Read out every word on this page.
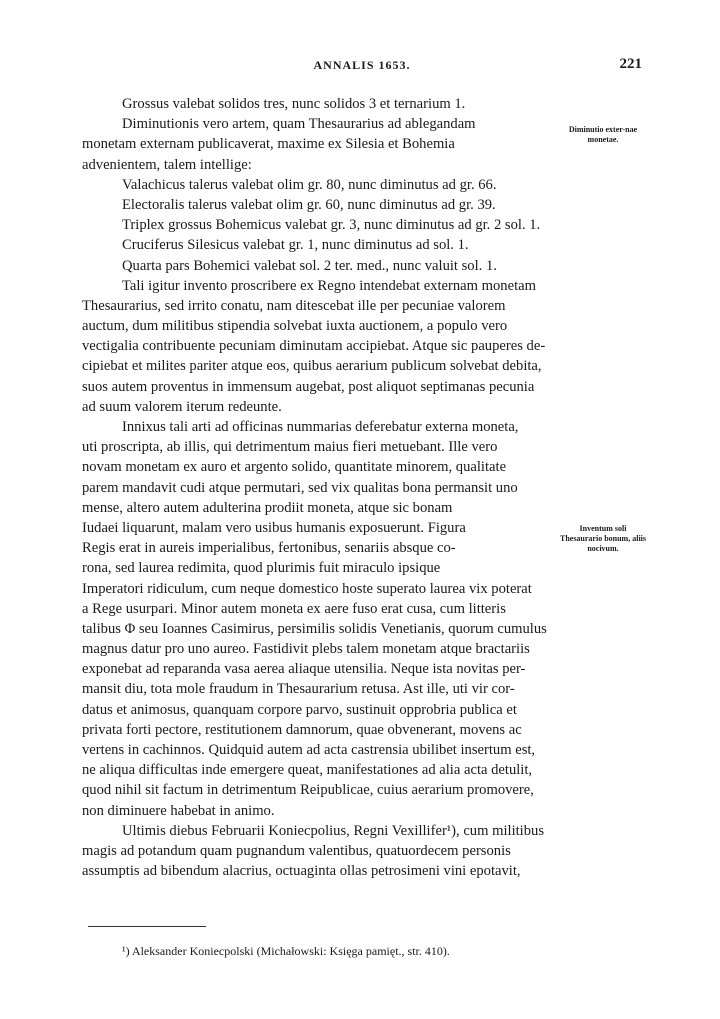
ANNALIS 1653.	221
Diminutio exter-nae monetae.
Inventum soli Thesaurario bonum, aliis nocivum.
Grossus valebat solidos tres, nunc solidos 3 et ternarium 1.
Diminutionis vero artem, quam Thesaurarius ad ablegandam
monetam externam publicaverat, maxime ex Silesia et Bohemia
advenientem, talem intellige:
Valachicus talerus valebat olim gr. 80, nunc diminutus ad gr. 66.
Electoralis talerus valebat olim gr. 60, nunc diminutus ad gr. 39.
Triplex grossus Bohemicus valebat gr. 3, nunc diminutus ad gr. 2 sol. 1.
Cruciferus Silesicus valebat gr. 1, nunc diminutus ad sol. 1.
Quarta pars Bohemici valebat sol. 2 ter. med., nunc valuit sol. 1.
Tali igitur invento proscribere ex Regno intendebat externam monetam
Thesaurarius, sed irrito conatu, nam ditescebat ille per pecuniae valorem
auctum, dum militibus stipendia solvebat iuxta auctionem, a populo vero
vectigalia contribuente pecuniam diminutam accipiebat. Atque sic pauperes de-
cipiebat et milites pariter atque eos, quibus aerarium publicum solvebat debita,
suos autem proventus in immensum augebat, post aliquot septimanas pecunia
ad suum valorem iterum redeunte.
Innixus tali arti ad officinas nummarias deferebatur externa moneta,
uti proscripta, ab illis, qui detrimentum maius fieri metuebant. Ille vero
novam monetam ex auro et argento solido, quantitate minorem, qualitate
parem mandavit cudi atque permutari, sed vix qualitas bona permansit uno
mense, altero autem adulterina prodiit moneta, atque sic bonam
Iudaei liquarunt, malam vero usibus humanis exposuerunt. Figura
Regis erat in aureis imperialibus, fertonibus, senariis absque co-
rona, sed laurea redimita, quod plurimis fuit miraculo ipsique
Imperatori ridiculum, cum neque domestico hoste superato laurea vix poterat
a Rege usurpari. Minor autem moneta ex aere fuso erat cusa, cum litteris
talibus Φ seu Ioannes Casimirus, persimilis solidis Venetianis, quorum cumulus
magnus datur pro uno aureo. Fastidivit plebs talem monetam atque bractariis
exponebat ad reparanda vasa aerea aliaque utensilia. Neque ista novitas per-
mansit diu, tota mole fraudum in Thesaurarium retusa. Ast ille, uti vir cor-
datus et animosus, quanquam corpore parvo, sustinuit opprobria publica et
privata forti pectore, restitutionem damnorum, quae obvenerant, movens ac
vertens in cachinnos. Quidquid autem ad acta castrensia ubilibet insertum est,
ne aliqua difficultas inde emergere queat, manifestationes ad alia acta detulit,
quod nihil sit factum in detrimentum Reipublicae, cuius aerarium promovere,
non diminuere habebat in animo.
Ultimis diebus Februarii Koniecpolius, Regni Vexillifer¹), cum militibus
magis ad potandum quam pugnandum valentibus, quatuordecem personis
assumptis ad bibendum alacrius, octuaginta ollas petrosimeni vini epotavit,
¹) Aleksander Koniecpolski (Michałowski: Księga pamięt., str. 410).
